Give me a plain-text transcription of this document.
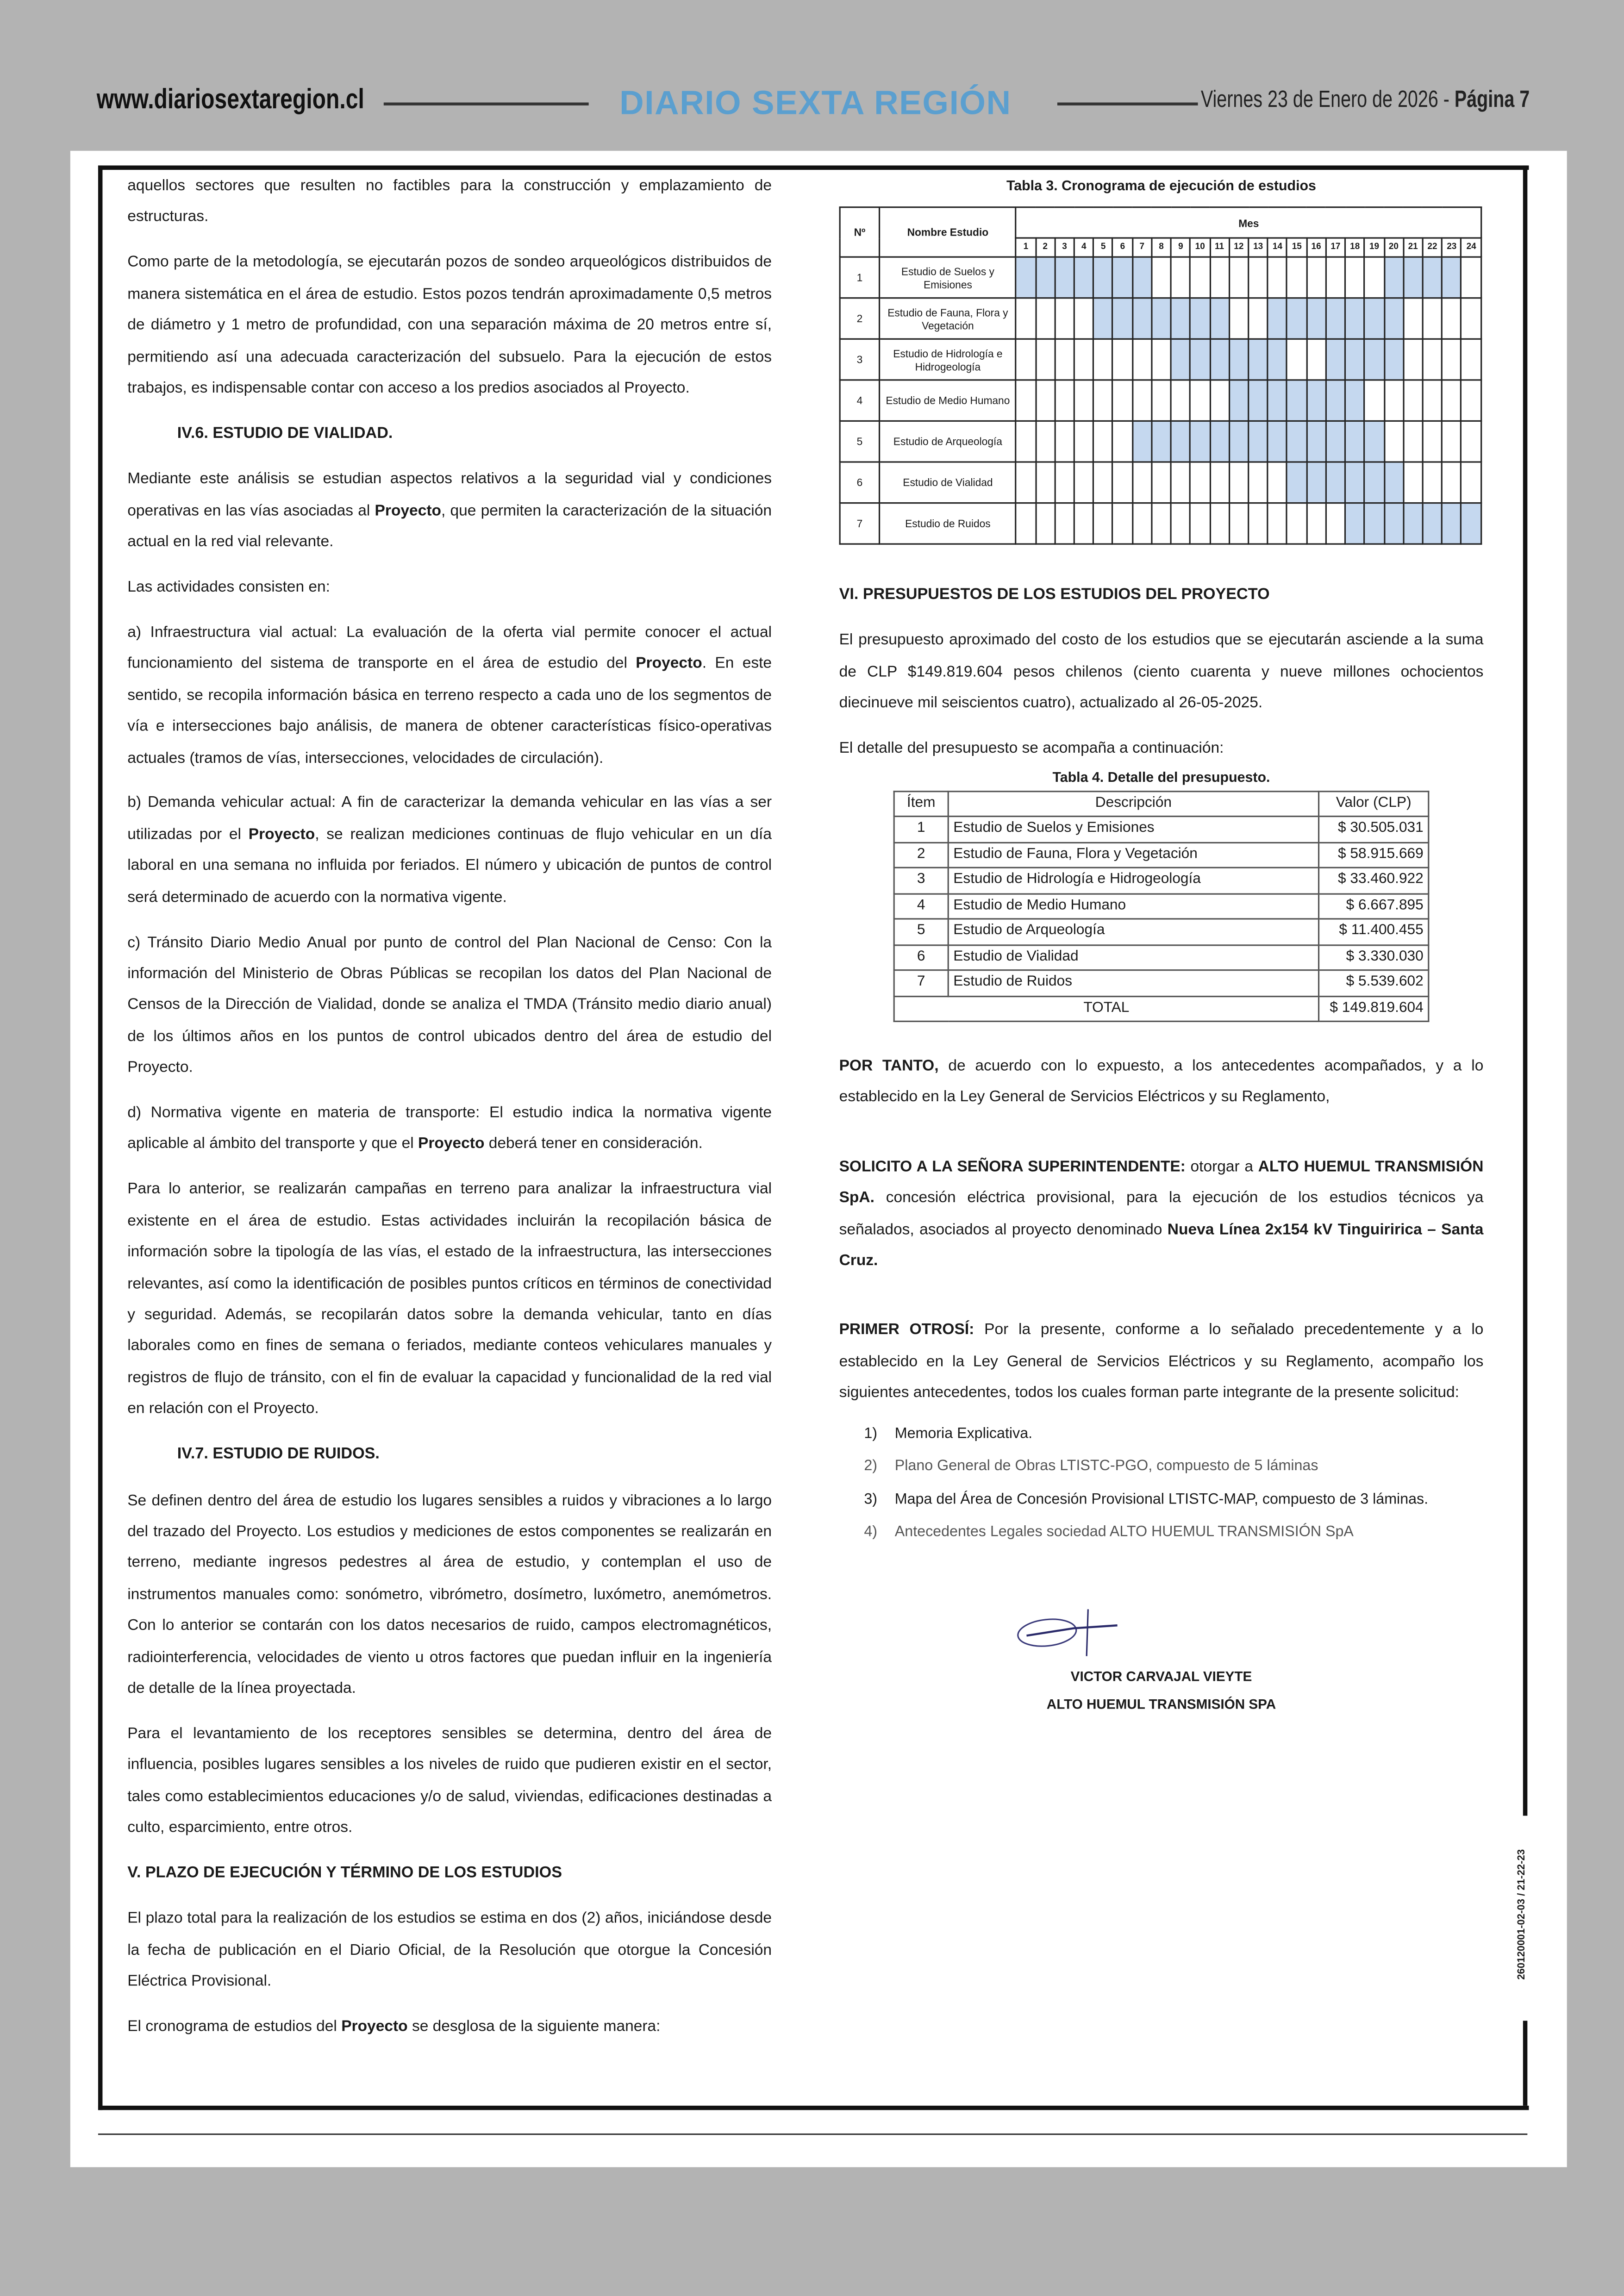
www.diariosextaregion.cl	DIARIO SEXTA REGIÓN	Viernes 23 de Enero de 2026 - Página 7
260120001-02-03 / 21-22-23

aquellos sectores que resulten no factibles para la construcción y emplazamiento de estructuras.

Como parte de la metodología, se ejecutarán pozos de sondeo arqueológicos distribuidos de manera sistemática en el área de estudio. Estos pozos tendrán aproximadamente 0,5 metros de diámetro y 1 metro de profundidad, con una separación máxima de 20 metros entre sí, permitiendo así una adecuada caracterización del subsuelo. Para la ejecución de estos trabajos, es indispensable contar con acceso a los predios asociados al Proyecto.

IV.6. ESTUDIO DE VIALIDAD.

Mediante este análisis se estudian aspectos relativos a la seguridad vial y condiciones operativas en las vías asociadas al Proyecto, que permiten la caracterización de la situación actual en la red vial relevante.

Las actividades consisten en:

a) Infraestructura vial actual: La evaluación de la oferta vial permite conocer el actual funcionamiento del sistema de transporte en el área de estudio del Proyecto. En este sentido, se recopila información básica en terreno respecto a cada uno de los segmentos de vía e intersecciones bajo análisis, de manera de obtener características físico-operativas actuales (tramos de vías, intersecciones, velocidades de circulación).

b) Demanda vehicular actual: A fin de caracterizar la demanda vehicular en las vías a ser utilizadas por el Proyecto, se realizan mediciones continuas de flujo vehicular en un día laboral en una semana no influida por feriados. El número y ubicación de puntos de control será determinado de acuerdo con la normativa vigente.

c) Tránsito Diario Medio Anual por punto de control del Plan Nacional de Censo: Con la información del Ministerio de Obras Públicas se recopilan los datos del Plan Nacional de Censos de la Dirección de Vialidad, donde se analiza el TMDA (Tránsito medio diario anual) de los últimos años en los puntos de control ubicados dentro del área de estudio del Proyecto.

d) Normativa vigente en materia de transporte: El estudio indica la normativa vigente aplicable al ámbito del transporte y que el Proyecto deberá tener en consideración.

Para lo anterior, se realizarán campañas en terreno para analizar la infraestructura vial existente en el área de estudio. Estas actividades incluirán la recopilación básica de información sobre la tipología de las vías, el estado de la infraestructura, las intersecciones relevantes, así como la identificación de posibles puntos críticos en términos de conectividad y seguridad. Además, se recopilarán datos sobre la demanda vehicular, tanto en días laborales como en fines de semana o feriados, mediante conteos vehiculares manuales y registros de flujo de tránsito, con el fin de evaluar la capacidad y funcionalidad de la red vial en relación con el Proyecto.

IV.7. ESTUDIO DE RUIDOS.

Se definen dentro del área de estudio los lugares sensibles a ruidos y vibraciones a lo largo del trazado del Proyecto. Los estudios y mediciones de estos componentes se realizarán en terreno, mediante ingresos pedestres al área de estudio, y contemplan el uso de instrumentos manuales como: sonómetro, vibrómetro, dosímetro, luxómetro, anemómetros. Con lo anterior se contarán con los datos necesarios de ruido, campos electromagnéticos, radiointerferencia, velocidades de viento u otros factores que puedan influir en la ingeniería de detalle de la línea proyectada.

Para el levantamiento de los receptores sensibles se determina, dentro del área de influencia, posibles lugares sensibles a los niveles de ruido que pudieren existir en el sector, tales como establecimientos educaciones y/o de salud, viviendas, edificaciones destinadas a culto, esparcimiento, entre otros.

V. PLAZO DE EJECUCIÓN Y TÉRMINO DE LOS ESTUDIOS

El plazo total para la realización de los estudios se estima en dos (2) años, iniciándose desde la fecha de publicación en el Diario Oficial, de la Resolución que otorgue la Concesión Eléctrica Provisional.

El cronograma de estudios del Proyecto se desglosa de la siguiente manera:

Tabla 3. Cronograma de ejecución de estudios
Nº	Nombre Estudio	Mes																							
		1	2	3	4	5	6	7	8	9	10	11	12	13	14	15	16	17	18	19	20	21	22	23	24
1	Estudio de Suelos y Emisiones																								
2	Estudio de Fauna, Flora y Vegetación																								
3	Estudio de Hidrología e Hidrogeología																								
4	Estudio de Medio Humano																								
5	Estudio de Arqueología																								
6	Estudio de Vialidad																								
7	Estudio de Ruidos																								
VI. PRESUPUESTOS DE LOS ESTUDIOS DEL PROYECTO

El presupuesto aproximado del costo de los estudios que se ejecutarán asciende a la suma de CLP $149.819.604 pesos chilenos (ciento cuarenta y nueve millones ochocientos diecinueve mil seiscientos cuatro), actualizado al 26-05-2025.

El detalle del presupuesto se acompaña a continuación:

Tabla 4. Detalle del presupuesto.
Ítem	Descripción	Valor (CLP)
1	Estudio de Suelos y Emisiones	$ 30.505.031
2	Estudio de Fauna, Flora y Vegetación	$ 58.915.669
3	Estudio de Hidrología e Hidrogeología	$ 33.460.922
4	Estudio de Medio Humano	$ 6.667.895
5	Estudio de Arqueología	$ 11.400.455
6	Estudio de Vialidad	$ 3.330.030
7	Estudio de Ruidos	$ 5.539.602
TOTAL		$ 149.819.604

POR TANTO, de acuerdo con lo expuesto, a los antecedentes acompañados, y a lo establecido en la Ley General de Servicios Eléctricos y su Reglamento,

SOLICITO A LA SEÑORA SUPERINTENDENTE: otorgar a ALTO HUEMUL TRANSMISIÓN SpA. concesión eléctrica provisional, para la ejecución de los estudios técnicos ya señalados, asociados al proyecto denominado Nueva Línea 2x154 kV Tinguiririca – Santa Cruz.

PRIMER OTROSÍ: Por la presente, conforme a lo señalado precedentemente y a lo establecido en la Ley General de Servicios Eléctricos y su Reglamento, acompaño los siguientes antecedentes, todos los cuales forman parte integrante de la presente solicitud:

1)	Memoria Explicativa.
2)	Plano General de Obras LTISTC-PGO, compuesto de 5 láminas
3)	Mapa del Área de Concesión Provisional LTISTC-MAP, compuesto de 3 láminas.
4)	Antecedentes Legales sociedad ALTO HUEMUL TRANSMISIÓN SpA
VICTOR CARVAJAL VIEYTE
ALTO HUEMUL TRANSMISIÓN SPA
